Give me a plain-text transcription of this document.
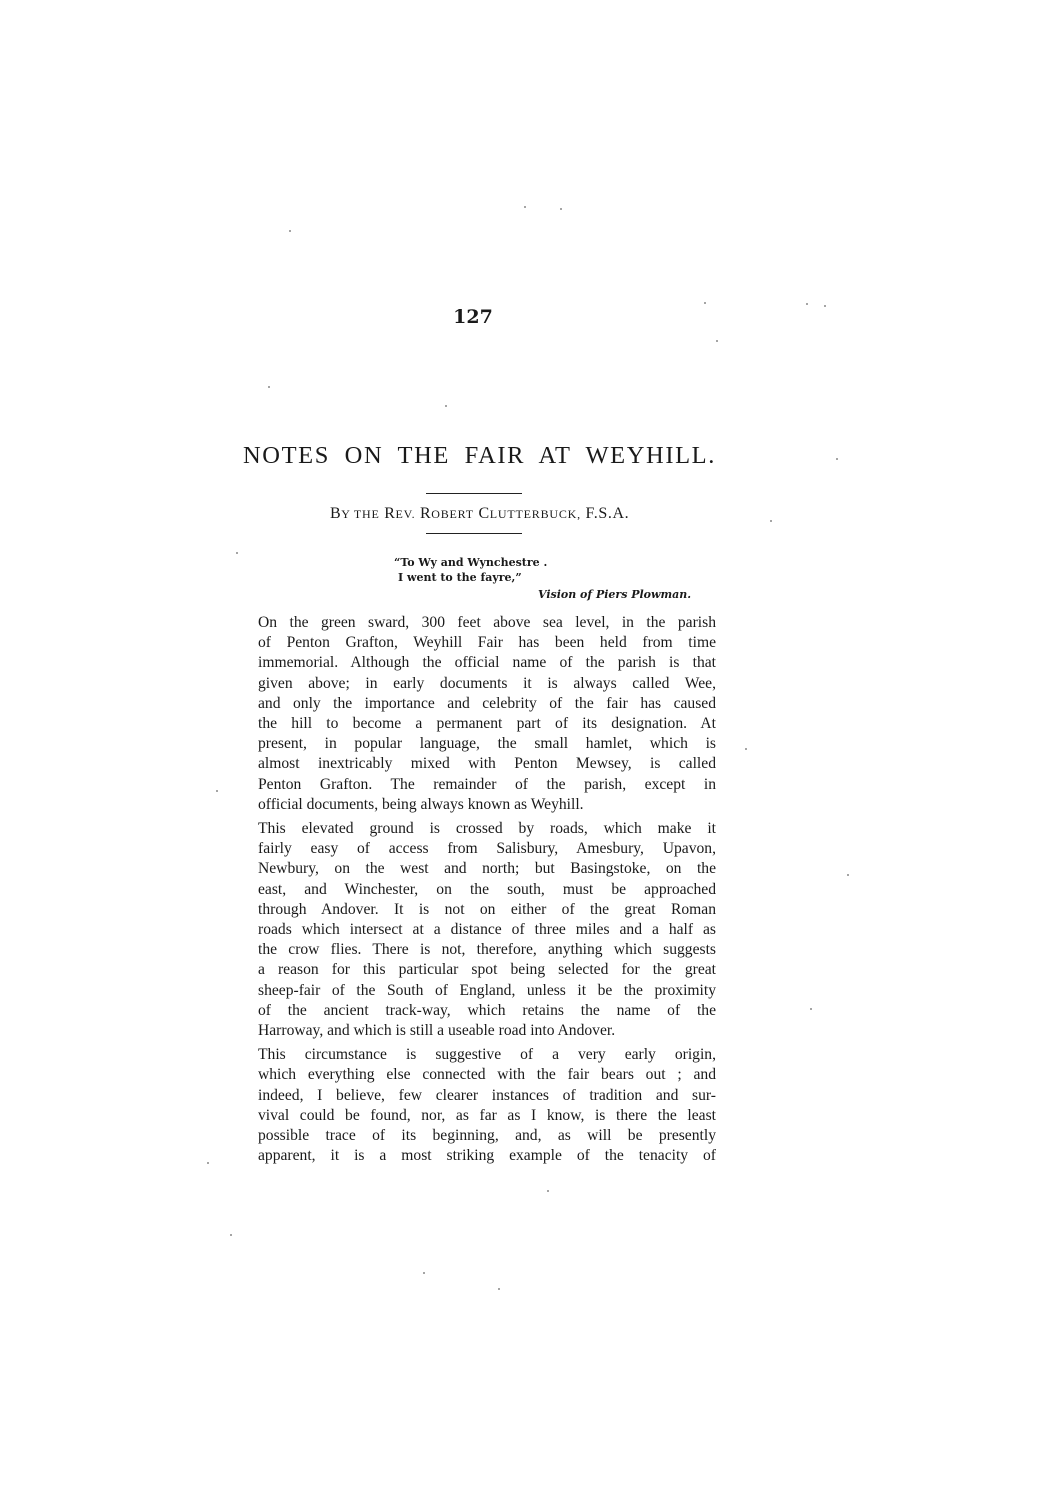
127
NOTES ON THE FAIR AT WEYHILL.
BY THE REV. ROBERT CLUTTERBUCK, F.S.A.
“To Wy and Wynchestre .
I went to the fayre,”
Vision of Piers Plowman.

On the green sward, 300 feet above sea level, in the parish
of Penton Grafton, Weyhill Fair has been held from time
immemorial. Although the official name of the parish is that
given above; in early documents it is always called Wee,
and only the importance and celebrity of the fair has caused
the hill to become a permanent part of its designation. At
present, in popular language, the small hamlet, which is
almost inextricably mixed with Penton Mewsey, is called
Penton Grafton. The remainder of the parish, except in
official documents, being always known as Weyhill.

This elevated ground is crossed by roads, which make it
fairly easy of access from Salisbury, Amesbury, Upavon,
Newbury, on the west and north; but Basingstoke, on the
east, and Winchester, on the south, must be approached
through Andover. It is not on either of the great Roman
roads which intersect at a distance of three miles and a half as
the crow flies. There is not, therefore, anything which suggests
a reason for this particular spot being selected for the great
sheep-fair of the South of England, unless it be the proximity
of the ancient track-way, which retains the name of the
Harroway, and which is still a useable road into Andover.

This circumstance is suggestive of a very early origin,
which everything else connected with the fair bears out ; and
indeed, I believe, few clearer instances of tradition and sur-
vival could be found, nor, as far as I know, is there the least
possible trace of its beginning, and, as will be presently
apparent, it is a most striking example of the tenacity of
